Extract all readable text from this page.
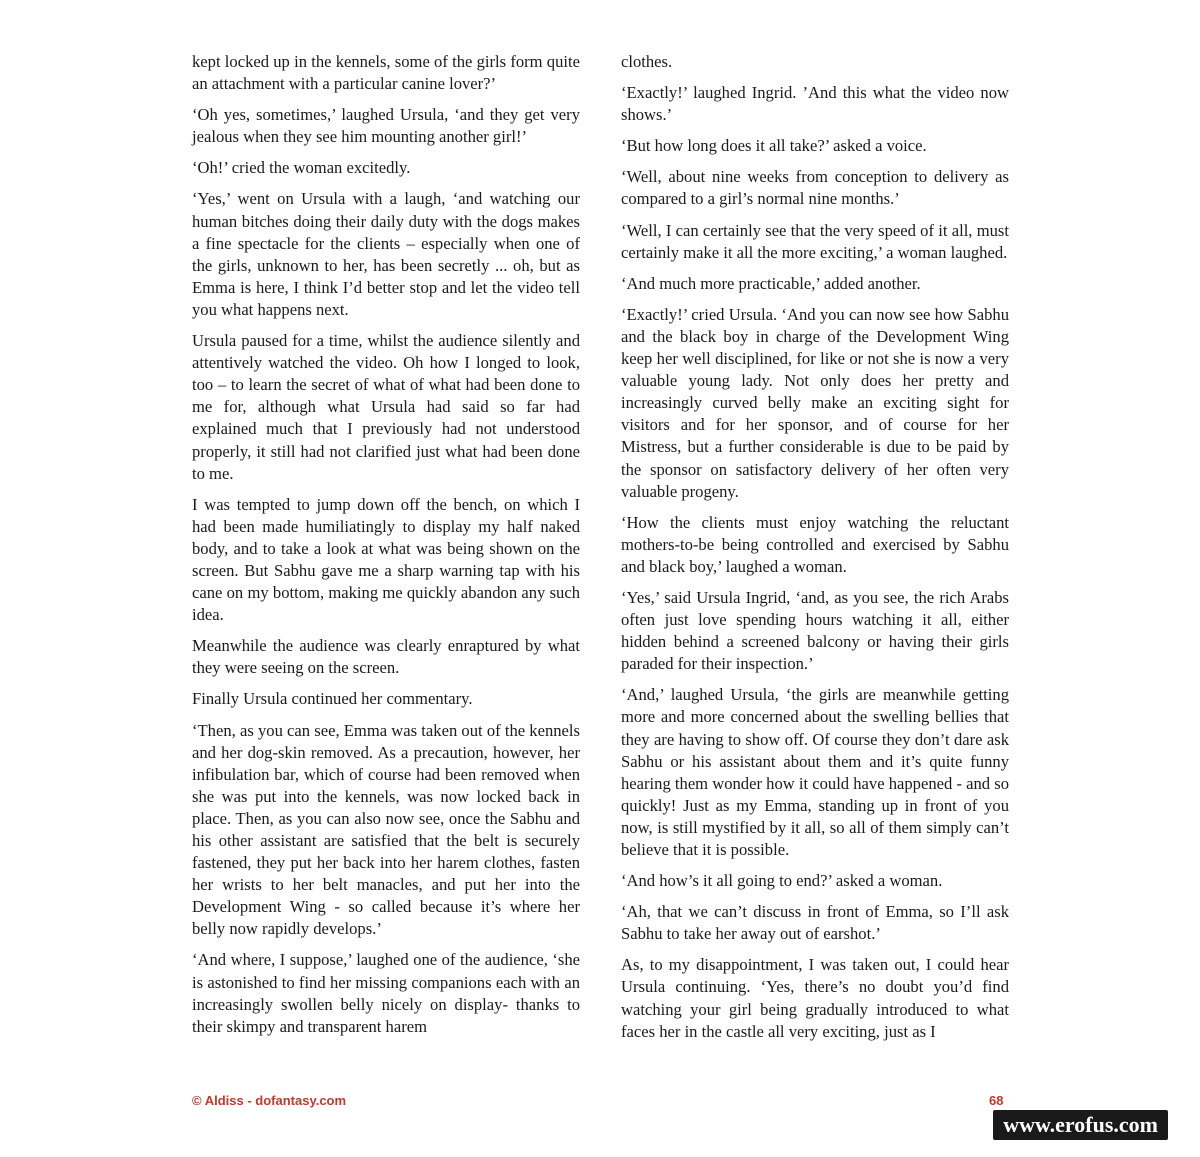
kept locked up in the kennels, some of the girls form quite an attachment with a particular canine lover?’

‘Oh yes, sometimes,’ laughed Ursula, ‘and they get very jealous when they see him mounting another girl!’

‘Oh!’ cried the woman excitedly.

‘Yes,’ went on Ursula with a laugh, ‘and watching our human bitches doing their daily duty with the dogs makes a fine spectacle for the clients – especially when one of the girls, unknown to her, has been secretly ... oh, but as Emma is here, I think I’d better stop and let the video tell you what happens next.

Ursula paused for a time, whilst the audience silently and attentively watched the video. Oh how I longed to look, too – to learn the secret of what of what had been done to me for, although what Ursula had said so far had explained much that I previously had not understood properly, it still had not clarified just what had been done to me.

I was tempted to jump down off the bench, on which I had been made humiliatingly to display my half naked body, and to take a look at what was being shown on the screen. But Sabhu gave me a sharp warning tap with his cane on my bottom, making me quickly abandon any such idea.

Meanwhile the audience was clearly enraptured by what they were seeing on the screen.

Finally Ursula continued her commentary.

‘Then, as you can see, Emma was taken out of the kennels and her dog-skin removed. As a precaution, however, her infibulation bar, which of course had been removed when she was put into the kennels, was now locked back in place. Then, as you can also now see, once the Sabhu and his other assistant are satisfied that the belt is securely fastened, they put her back into her harem clothes, fasten her wrists to her belt manacles, and put her into the Development Wing - so called because it’s where her belly now rapidly develops.’

‘And where, I suppose,’ laughed one of the audience, ‘she is astonished to find her missing companions each with an increasingly swollen belly nicely on display- thanks to their skimpy and transparent harem

clothes.

‘Exactly!’ laughed Ingrid. ’And this what the video now shows.’

‘But how long does it all take?’ asked a voice.

‘Well, about nine weeks from conception to delivery as compared to a girl’s normal nine months.’

‘Well, I can certainly see that the very speed of it all, must certainly make it all the more exciting,’ a woman laughed.

‘And much more practicable,’ added another.

‘Exactly!’ cried Ursula. ‘And you can now see how Sabhu and the black boy in charge of the Development Wing keep her well disciplined, for like or not she is now a very valuable young lady. Not only does her pretty and increasingly curved belly make an exciting sight for visitors and for her sponsor, and of course for her Mistress, but a further considerable is due to be paid by the sponsor on satisfactory delivery of her often very valuable progeny.

‘How the clients must enjoy watching the reluctant mothers-to-be being controlled and exercised by Sabhu and black boy,’ laughed a woman.

‘Yes,’ said Ursula Ingrid, ‘and, as you see, the rich Arabs often just love spending hours watching it all, either hidden behind a screened balcony or having their girls paraded for their inspection.’

‘And,’ laughed Ursula, ‘the girls are meanwhile getting more and more concerned about the swelling bellies that they are having to show off. Of course they don’t dare ask Sabhu or his assistant about them and it’s quite funny hearing them wonder how it could have happened - and so quickly! Just as my Emma, standing up in front of you now, is still mystified by it all, so all of them simply can’t believe that it is possible.

‘And how’s it all going to end?’ asked a woman.

‘Ah, that we can’t discuss in front of Emma, so I’ll ask Sabhu to take her away out of earshot.’

As, to my disappointment, I was taken out, I could hear Ursula continuing. ‘Yes, there’s no doubt you’d find watching your girl being gradually introduced to what faces her in the castle all very exciting, just as I

© Aldiss - dofantasy.com	68
www.erofus.com
